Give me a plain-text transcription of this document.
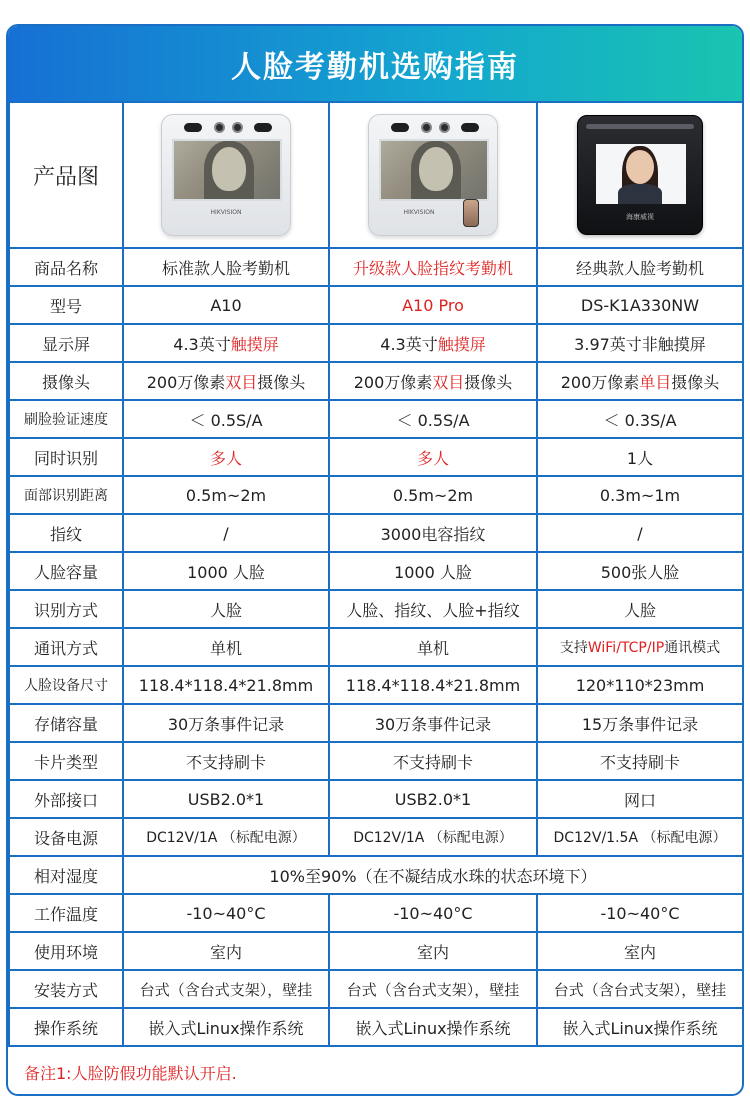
人脸考勤机选购指南
产品图	HIKVISION	HIKVISION	海康威视

商品名称	标准款人脸考勤机	升级款人脸指纹考勤机	经典款人脸考勤机
型号	A10	A10 Pro	DS-K1A330NW
显示屏	4.3英寸触摸屏	4.3英寸触摸屏	3.97英寸非触摸屏
摄像头	200万像素双目摄像头	200万像素双目摄像头	200万像素单目摄像头
刷脸验证速度	＜ 0.5S/A	＜ 0.5S/A	＜ 0.3S/A
同时识别	多人	多人	1人
面部识别距离	0.5m~2m	0.5m~2m	0.3m~1m
指纹	/	3000电容指纹	/
人脸容量	1000 人脸	1000 人脸	500张人脸
识别方式	人脸	人脸、指纹、人脸+指纹	人脸
通讯方式	单机	单机	支持WiFi/TCP/IP通讯模式
人脸设备尺寸	118.4*118.4*21.8mm	118.4*118.4*21.8mm	120*110*23mm
存储容量	30万条事件记录	30万条事件记录	15万条事件记录
卡片类型	不支持刷卡	不支持刷卡	不支持刷卡
外部接口	USB2.0*1	USB2.0*1	网口
设备电源	DC12V/1A （标配电源）	DC12V/1A （标配电源）	DC12V/1.5A （标配电源）
相对湿度	10%至90%（在不凝结成水珠的状态环境下）		
工作温度	-10~40°C	-10~40°C	-10~40°C
使用环境	室内	室内	室内
安装方式	台式（含台式支架），壁挂	台式（含台式支架），壁挂	台式（含台式支架），壁挂
操作系统	嵌入式Linux操作系统	嵌入式Linux操作系统	嵌入式Linux操作系统
备注1:人脸防假功能默认开启.
